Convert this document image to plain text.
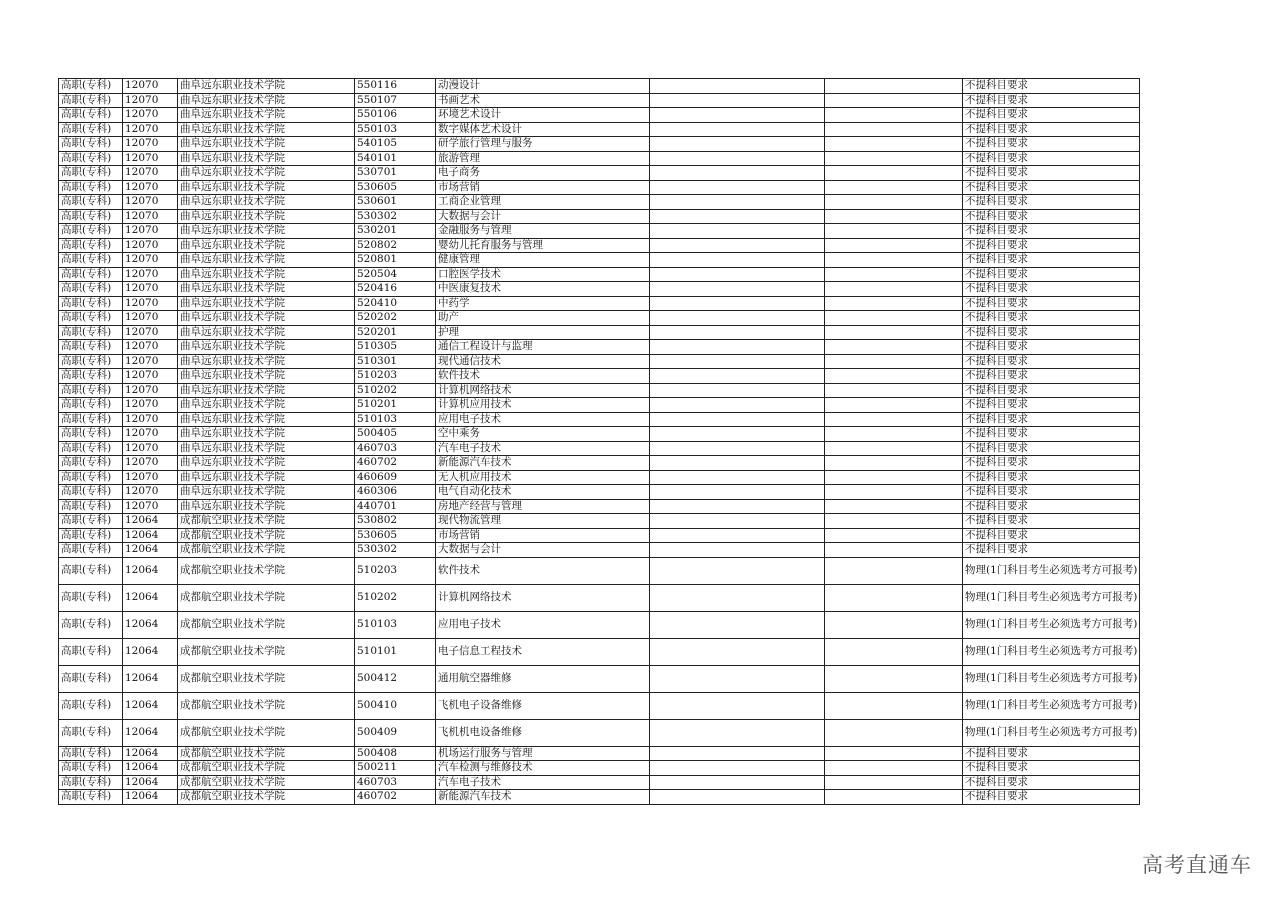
高职(专科)	12070	曲阜远东职业技术学院	550116	动漫设计			不提科目要求
高职(专科)	12070	曲阜远东职业技术学院	550107	书画艺术			不提科目要求
高职(专科)	12070	曲阜远东职业技术学院	550106	环境艺术设计			不提科目要求
高职(专科)	12070	曲阜远东职业技术学院	550103	数字媒体艺术设计			不提科目要求
高职(专科)	12070	曲阜远东职业技术学院	540105	研学旅行管理与服务			不提科目要求
高职(专科)	12070	曲阜远东职业技术学院	540101	旅游管理			不提科目要求
高职(专科)	12070	曲阜远东职业技术学院	530701	电子商务			不提科目要求
高职(专科)	12070	曲阜远东职业技术学院	530605	市场营销			不提科目要求
高职(专科)	12070	曲阜远东职业技术学院	530601	工商企业管理			不提科目要求
高职(专科)	12070	曲阜远东职业技术学院	530302	大数据与会计			不提科目要求
高职(专科)	12070	曲阜远东职业技术学院	530201	金融服务与管理			不提科目要求
高职(专科)	12070	曲阜远东职业技术学院	520802	婴幼儿托育服务与管理			不提科目要求
高职(专科)	12070	曲阜远东职业技术学院	520801	健康管理			不提科目要求
高职(专科)	12070	曲阜远东职业技术学院	520504	口腔医学技术			不提科目要求
高职(专科)	12070	曲阜远东职业技术学院	520416	中医康复技术			不提科目要求
高职(专科)	12070	曲阜远东职业技术学院	520410	中药学			不提科目要求
高职(专科)	12070	曲阜远东职业技术学院	520202	助产			不提科目要求
高职(专科)	12070	曲阜远东职业技术学院	520201	护理			不提科目要求
高职(专科)	12070	曲阜远东职业技术学院	510305	通信工程设计与监理			不提科目要求
高职(专科)	12070	曲阜远东职业技术学院	510301	现代通信技术			不提科目要求
高职(专科)	12070	曲阜远东职业技术学院	510203	软件技术			不提科目要求
高职(专科)	12070	曲阜远东职业技术学院	510202	计算机网络技术			不提科目要求
高职(专科)	12070	曲阜远东职业技术学院	510201	计算机应用技术			不提科目要求
高职(专科)	12070	曲阜远东职业技术学院	510103	应用电子技术			不提科目要求
高职(专科)	12070	曲阜远东职业技术学院	500405	空中乘务			不提科目要求
高职(专科)	12070	曲阜远东职业技术学院	460703	汽车电子技术			不提科目要求
高职(专科)	12070	曲阜远东职业技术学院	460702	新能源汽车技术			不提科目要求
高职(专科)	12070	曲阜远东职业技术学院	460609	无人机应用技术			不提科目要求
高职(专科)	12070	曲阜远东职业技术学院	460306	电气自动化技术			不提科目要求
高职(专科)	12070	曲阜远东职业技术学院	440701	房地产经营与管理			不提科目要求
高职(专科)	12064	成都航空职业技术学院	530802	现代物流管理			不提科目要求
高职(专科)	12064	成都航空职业技术学院	530605	市场营销			不提科目要求
高职(专科)	12064	成都航空职业技术学院	530302	大数据与会计			不提科目要求
高职(专科)	12064	成都航空职业技术学院	510203	软件技术			物理(1门科目考生必须选考方可报考)
高职(专科)	12064	成都航空职业技术学院	510202	计算机网络技术			物理(1门科目考生必须选考方可报考)
高职(专科)	12064	成都航空职业技术学院	510103	应用电子技术			物理(1门科目考生必须选考方可报考)
高职(专科)	12064	成都航空职业技术学院	510101	电子信息工程技术			物理(1门科目考生必须选考方可报考)
高职(专科)	12064	成都航空职业技术学院	500412	通用航空器维修			物理(1门科目考生必须选考方可报考)
高职(专科)	12064	成都航空职业技术学院	500410	飞机电子设备维修			物理(1门科目考生必须选考方可报考)
高职(专科)	12064	成都航空职业技术学院	500409	飞机机电设备维修			物理(1门科目考生必须选考方可报考)
高职(专科)	12064	成都航空职业技术学院	500408	机场运行服务与管理			不提科目要求
高职(专科)	12064	成都航空职业技术学院	500211	汽车检测与维修技术			不提科目要求
高职(专科)	12064	成都航空职业技术学院	460703	汽车电子技术			不提科目要求
高职(专科)	12064	成都航空职业技术学院	460702	新能源汽车技术			不提科目要求
高考直通车
